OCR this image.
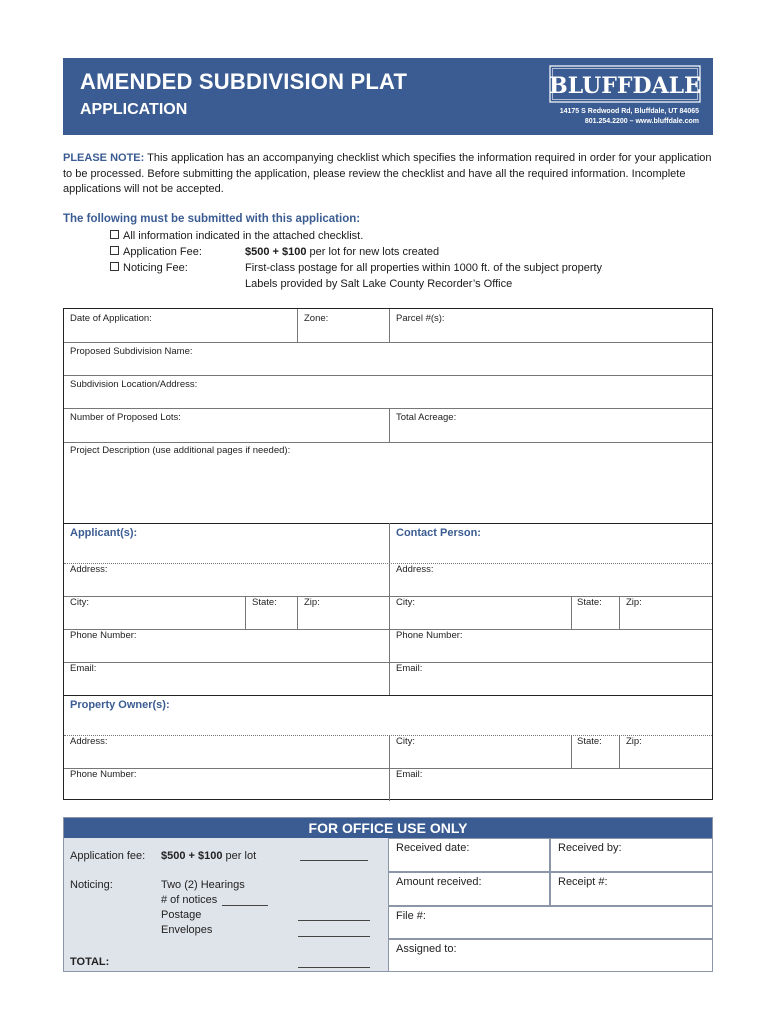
AMENDED SUBDIVISION PLAT
APPLICATION
BLUFFDALE
14175 S Redwood Rd, Bluffdale, UT 84065
801.254.2200 – www.bluffdale.com
PLEASE NOTE: This application has an accompanying checklist which specifies the information required in order for your application to be processed. Before submitting the application, please review the checklist and have all the required information. Incomplete applications will not be accepted.
The following must be submitted with this application:
All information indicated in the attached checklist.
Application Fee:	$500 + $100 per lot for new lots created
Noticing Fee:	First-class postage for all properties within 1000 ft. of the subject property
Labels provided by Salt Lake County Recorder’s Office
Date of Application:	Zone:	Parcel #(s):
Proposed Subdivision Name:
Subdivision Location/Address:
Number of Proposed Lots:	Total Acreage:
Project Description (use additional pages if needed):
Applicant(s):	Contact Person:
Address:	Address:
City:	State:	Zip:	City:	State:	Zip:
Phone Number:	Phone Number:
Email:	Email:
Property Owner(s):
Address:	City:	State:	Zip:
Phone Number:	Email:
FOR OFFICE USE ONLY
Application fee: $500 + $100 per lot
Noticing:	Two (2) Hearings
# of notices
Postage
Envelopes
TOTAL:
Received date:	Received by:
Amount received:	Receipt #:
File #:
Assigned to:
